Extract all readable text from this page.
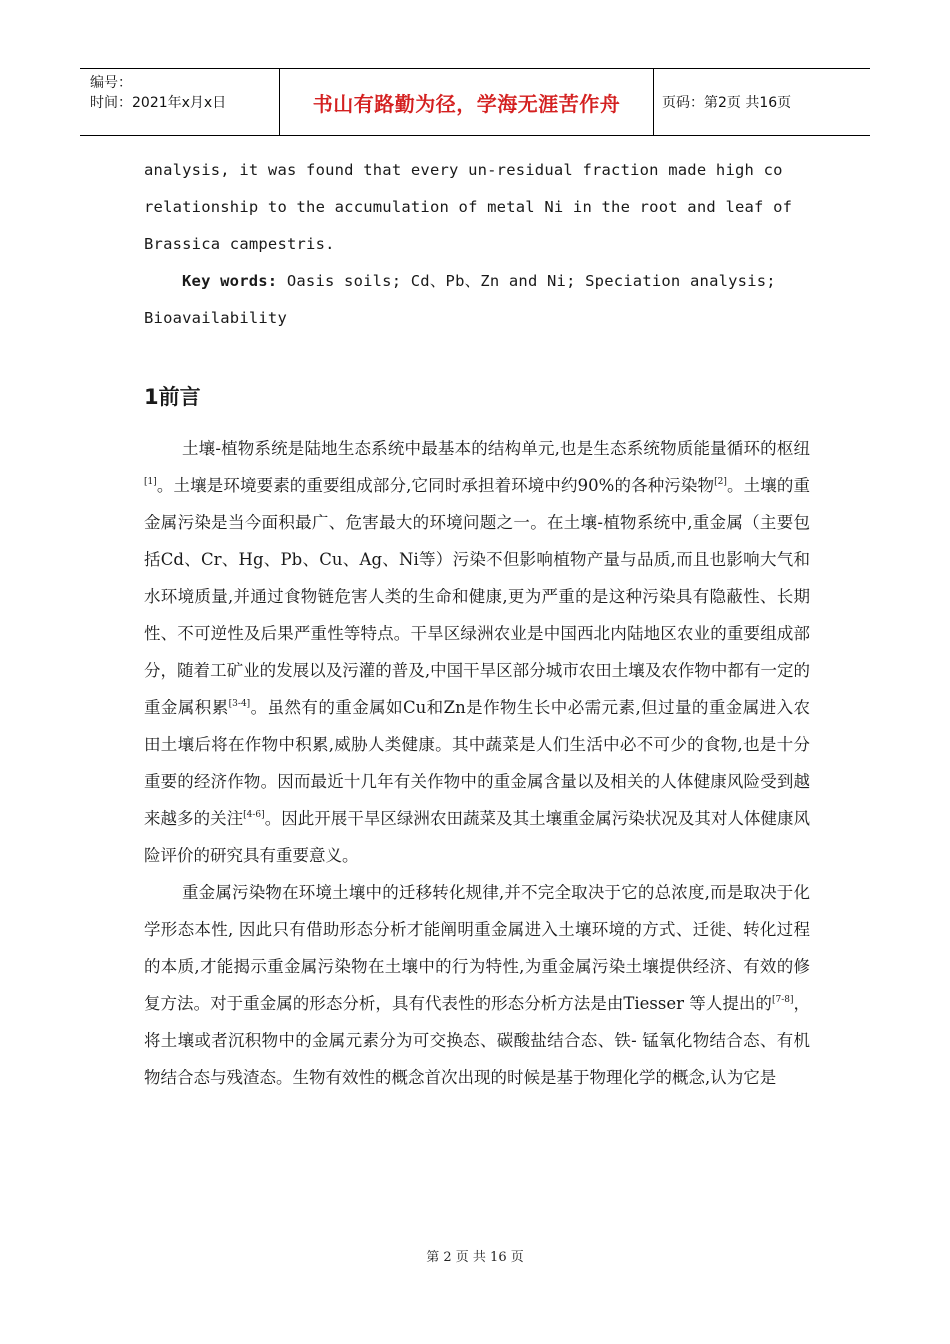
编号：
时间：2021年x月x日	书山有路勤为径，学海无涯苦作舟	页码：第2页 共16页
analysis, it was found that every un-residual fraction made high co
relationship to the accumulation of metal Ni in the root and leaf of
Brassica campestris.
Key words: Oasis soils; Cd、Pb、Zn and Ni; Speciation analysis;
Bioavailability
1前言
土壤-植物系统是陆地生态系统中最基本的结构单元,也是生态系统物质能量循环的枢纽[1]。土壤是环境要素的重要组成部分,它同时承担着环境中约90%的各种污染物[2]。土壤的重金属污染是当今面积最广、危害最大的环境问题之一。在土壤-植物系统中,重金属（主要包括Cd、Cr、Hg、Pb、Cu、Ag、Ni等）污染不但影响植物产量与品质,而且也影响大气和水环境质量,并通过食物链危害人类的生命和健康,更为严重的是这种污染具有隐蔽性、长期性、不可逆性及后果严重性等特点。干旱区绿洲农业是中国西北内陆地区农业的重要组成部分，随着工矿业的发展以及污灌的普及,中国干旱区部分城市农田土壤及农作物中都有一定的重金属积累[3-4]。虽然有的重金属如Cu和Zn是作物生长中必需元素,但过量的重金属进入农田土壤后将在作物中积累,威胁人类健康。其中蔬菜是人们生活中必不可少的食物,也是十分重要的经济作物。因而最近十几年有关作物中的重金属含量以及相关的人体健康风险受到越来越多的关注[4-6]。因此开展干旱区绿洲农田蔬菜及其土壤重金属污染状况及其对人体健康风险评价的研究具有重要意义。
重金属污染物在环境土壤中的迁移转化规律,并不完全取决于它的总浓度,而是取决于化学形态本性, 因此只有借助形态分析才能阐明重金属进入土壤环境的方式、迁徙、转化过程的本质,才能揭示重金属污染物在土壤中的行为特性,为重金属污染土壤提供经济、有效的修复方法。对于重金属的形态分析，具有代表性的形态分析方法是由Tiesser 等人提出的[7-8]，将土壤或者沉积物中的金属元素分为可交换态、碳酸盐结合态、铁- 锰氧化物结合态、有机物结合态与残渣态。生物有效性的概念首次出现的时候是基于物理化学的概念,认为它是
第 2 页 共 16 页
